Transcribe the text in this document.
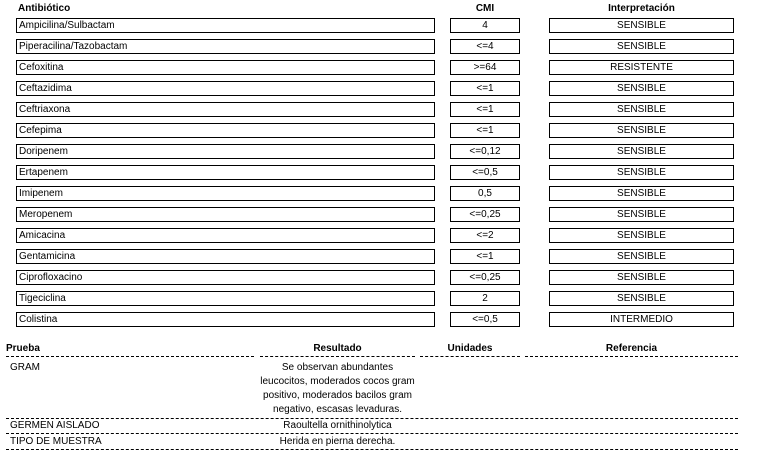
Antibiótico	CMI	Interpretación
Ampicilina/Sulbactam	4	SENSIBLE
Piperacilina/Tazobactam	<=4	SENSIBLE
Cefoxitina	>=64	RESISTENTE
Ceftazidima	<=1	SENSIBLE
Ceftriaxona	<=1	SENSIBLE
Cefepima	<=1	SENSIBLE
Doripenem	<=0,12	SENSIBLE
Ertapenem	<=0,5	SENSIBLE
Imipenem	0,5	SENSIBLE
Meropenem	<=0,25	SENSIBLE
Amicacina	<=2	SENSIBLE
Gentamicina	<=1	SENSIBLE
Ciprofloxacino	<=0,25	SENSIBLE
Tigeciclina	2	SENSIBLE
Colistina	<=0,5	INTERMEDIO
Prueba	Resultado	Unidades	Referencia
GRAM	Se observan abundantes
leucocitos, moderados cocos gram
positivo, moderados bacilos gram
negativo, escasas levaduras.
GERMEN AISLADO	Raoultella ornithinolytica
TIPO DE MUESTRA	Herida en pierna derecha.
